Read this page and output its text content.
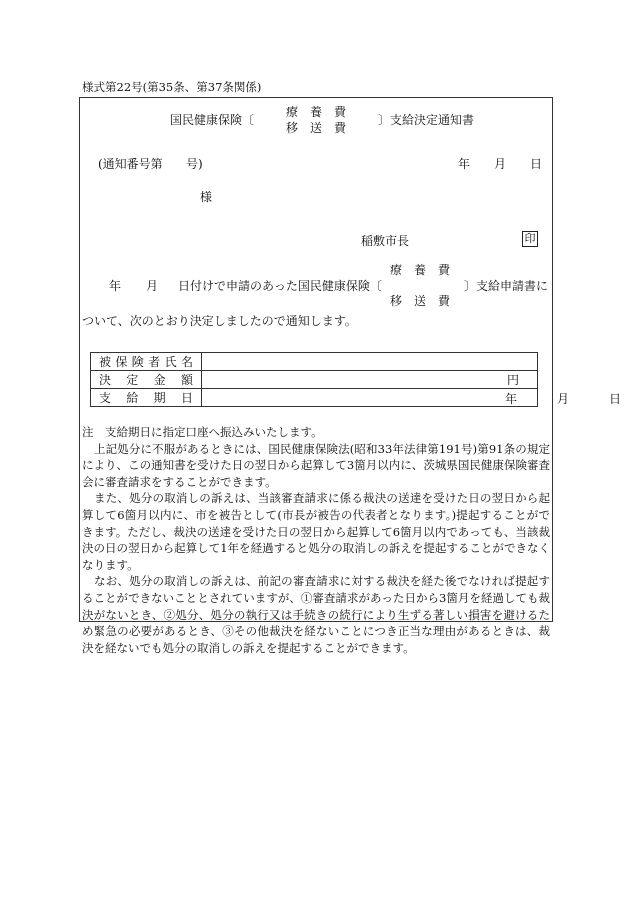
様式第22号(第35条、第37条関係)
国民健康保険〔
療　養　費
移　送　費
〕支給決定通知書
(通知番号第 号)	年 月 日
様
稲敷市長	印
年 月 日付けで申請のあった国民健康保険〔
療　養　費
移　送　費
〕支給申請書に
ついて、次のとおり決定しましたので通知します。
被保険者氏名	
決定金額	円
支給期日	年 月 日

注　支給期日に指定口座へ振込みいたします。

上記処分に不服があるときには、国民健康保険法(昭和33年法律第191号)第91条の規定により、この通知書を受けた日の翌日から起算して3箇月以内に、茨城県国民健康保険審査会に審査請求をすることができます。

また、処分の取消しの訴えは、当該審査請求に係る裁決の送達を受けた日の翌日から起算して6箇月以内に、市を被告として(市長が被告の代表者となります。)提起することができます。ただし、裁決の送達を受けた日の翌日から起算して6箇月以内であっても、当該裁決の日の翌日から起算して1年を経過すると処分の取消しの訴えを提起することができなくなります。

なお、処分の取消しの訴えは、前記の審査請求に対する裁決を経た後でなければ提起することができないこととされていますが、①審査請求があった日から3箇月を経過しても裁決がないとき、②処分、処分の執行又は手続きの続行により生ずる著しい損害を避けるため緊急の必要があるとき、③その他裁決を経ないことにつき正当な理由があるときは、裁決を経ないでも処分の取消しの訴えを提起することができます。
